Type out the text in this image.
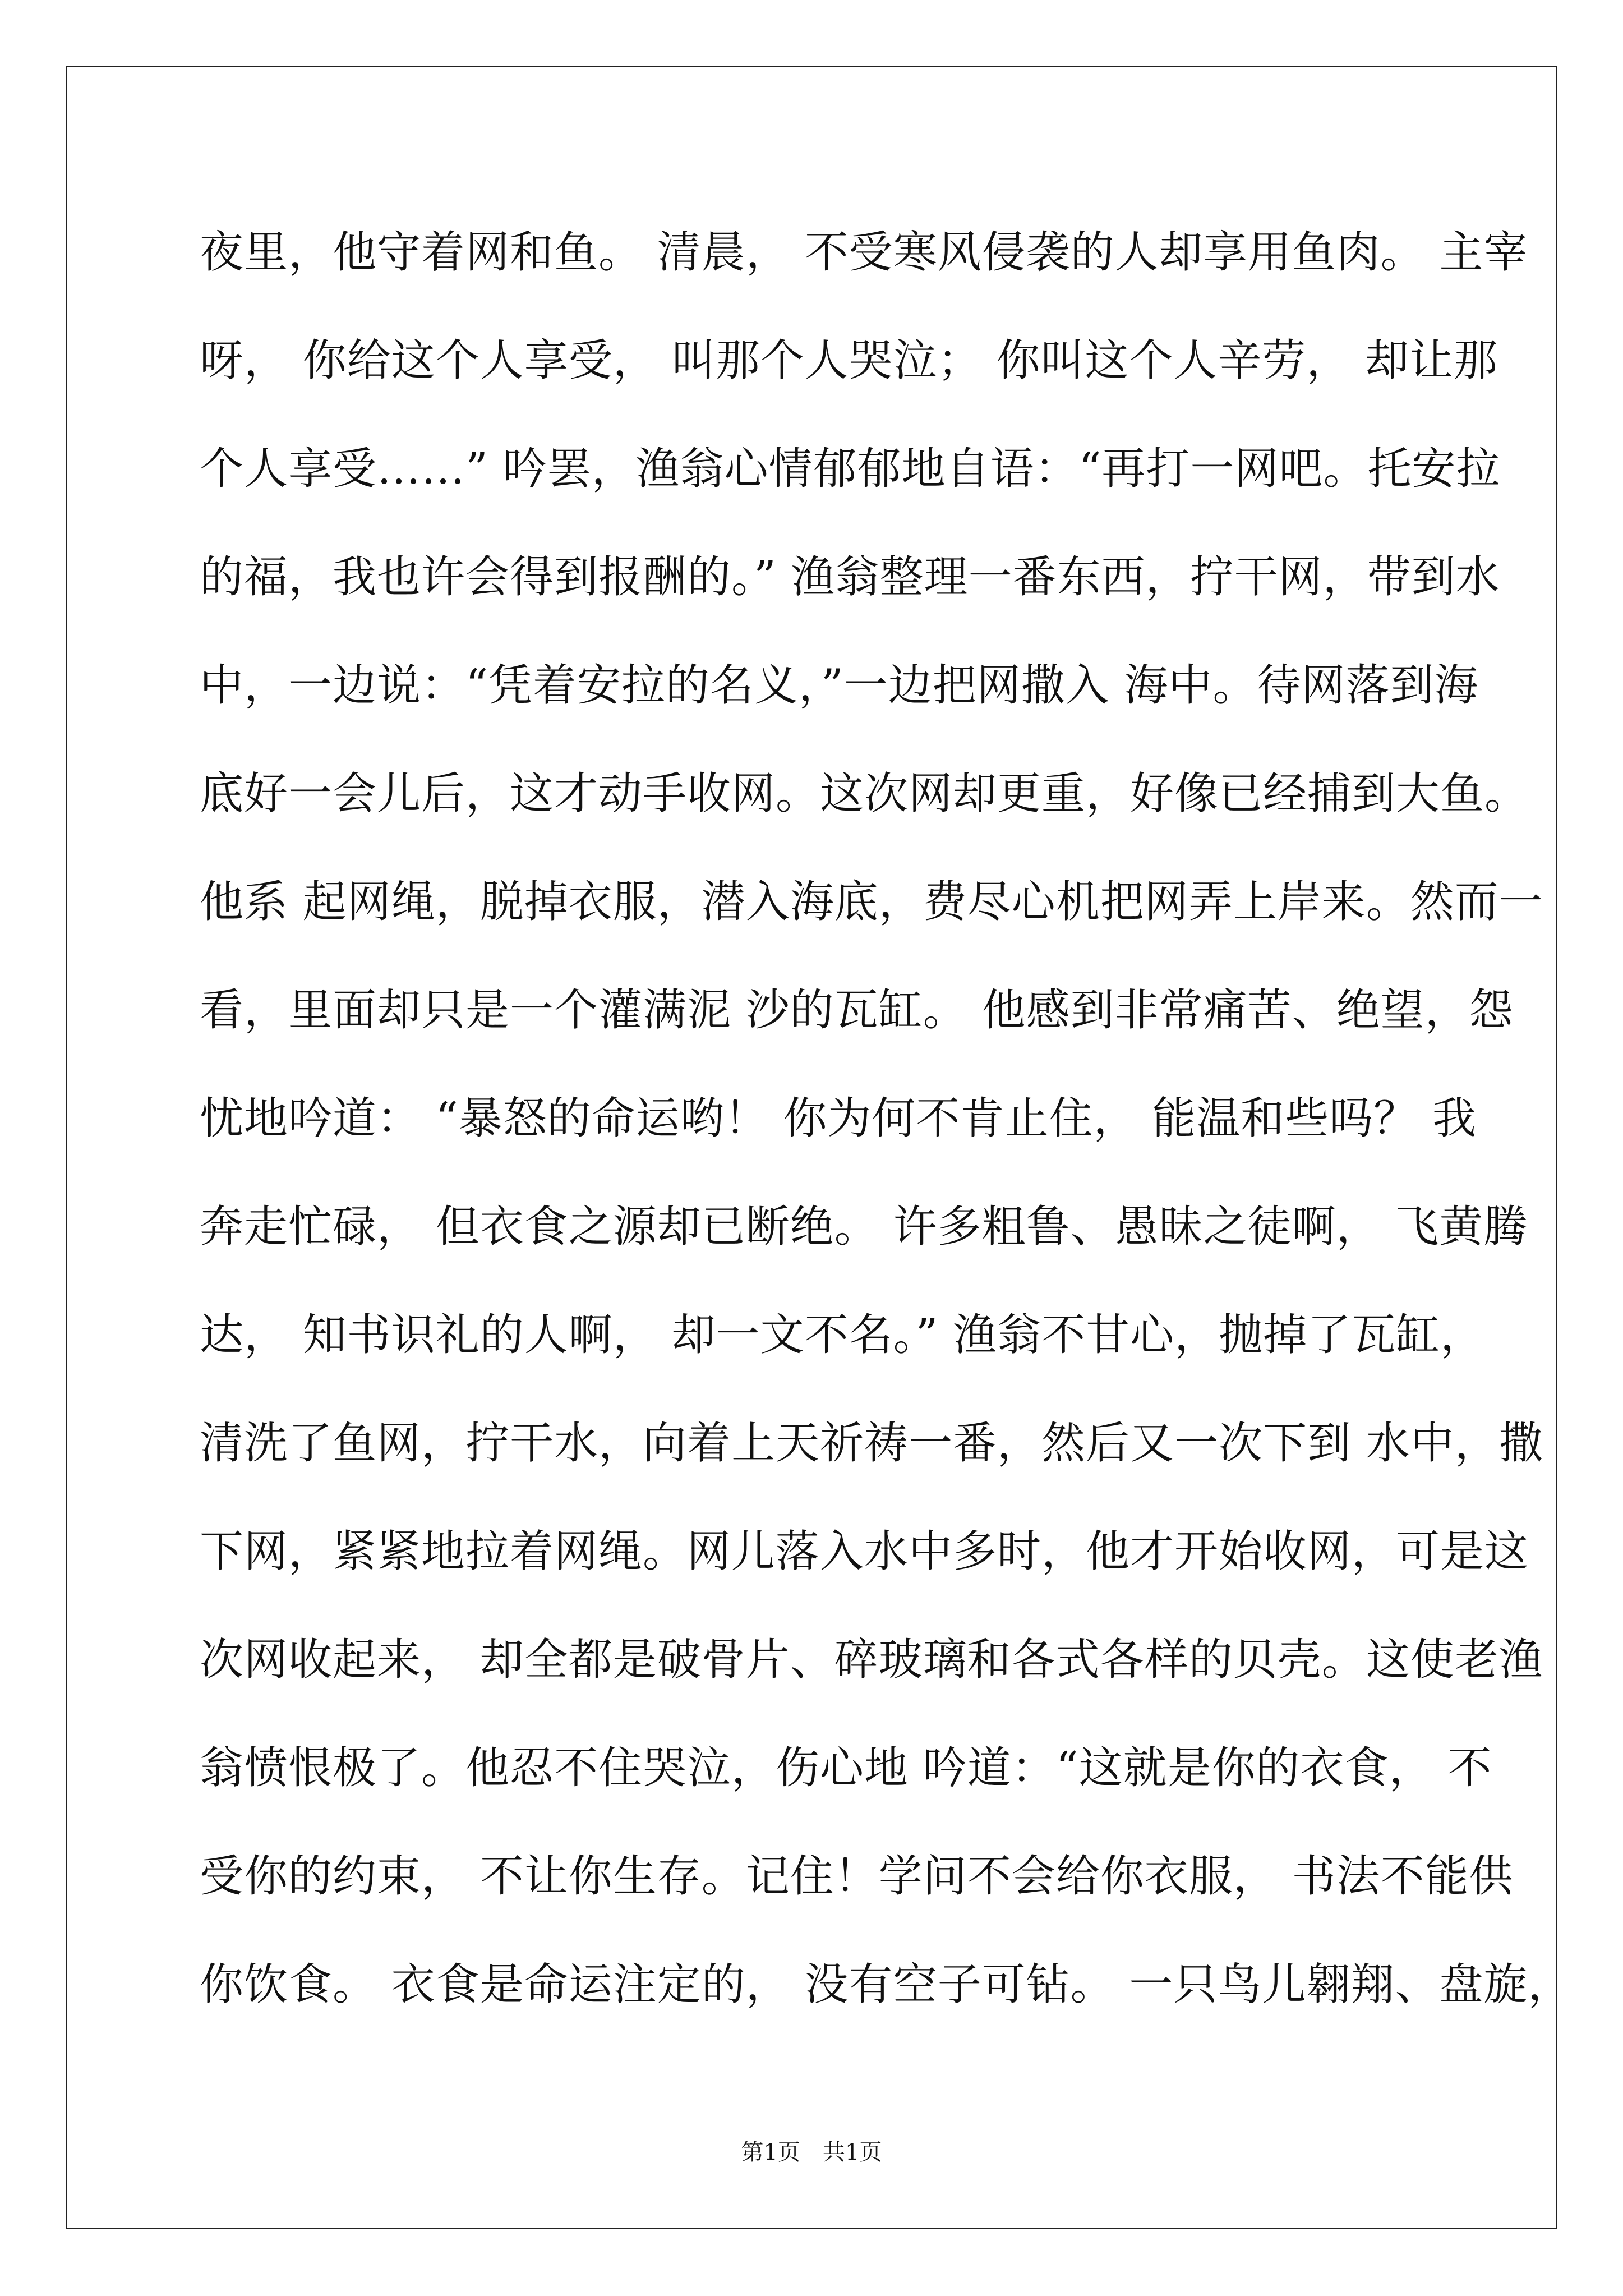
夜里，他守着网和鱼。 清晨， 不受寒风侵袭的人却享用鱼肉。 主宰
呀， 你给这个人享受， 叫那个人哭泣； 你叫这个人辛劳， 却让那
个人享受……” 吟罢，渔翁心情郁郁地自语：“再打一网吧。托安拉
的福，我也许会得到报酬的。” 渔翁整理一番东西，拧干网，带到水
中，一边说：“凭着安拉的名义，”一边把网撒入 海中。待网落到海
底好一会儿后，这才动手收网。这次网却更重，好像已经捕到大鱼。
他系 起网绳，脱掉衣服，潜入海底，费尽心机把网弄上岸来。然而一
看，里面却只是一个灌满泥 沙的瓦缸。 他感到非常痛苦、绝望，怨
忧地吟道： “暴怒的命运哟！ 你为何不肯止住， 能温和些吗？ 我
奔走忙碌， 但衣食之源却已断绝。 许多粗鲁、愚昧之徒啊， 飞黄腾
达， 知书识礼的人啊， 却一文不名。” 渔翁不甘心，抛掉了瓦缸，
清洗了鱼网，拧干水，向着上天祈祷一番，然后又一次下到 水中，撒
下网，紧紧地拉着网绳。网儿落入水中多时，他才开始收网，可是这
次网收起来， 却全都是破骨片、碎玻璃和各式各样的贝壳。这使老渔
翁愤恨极了。他忍不住哭泣，伤心地 吟道：“这就是你的衣食， 不
受你的约束， 不让你生存。记住！学问不会给你衣服， 书法不能供
你饮食。 衣食是命运注定的， 没有空子可钻。 一只鸟儿翱翔、盘旋，
第1页　共1页
